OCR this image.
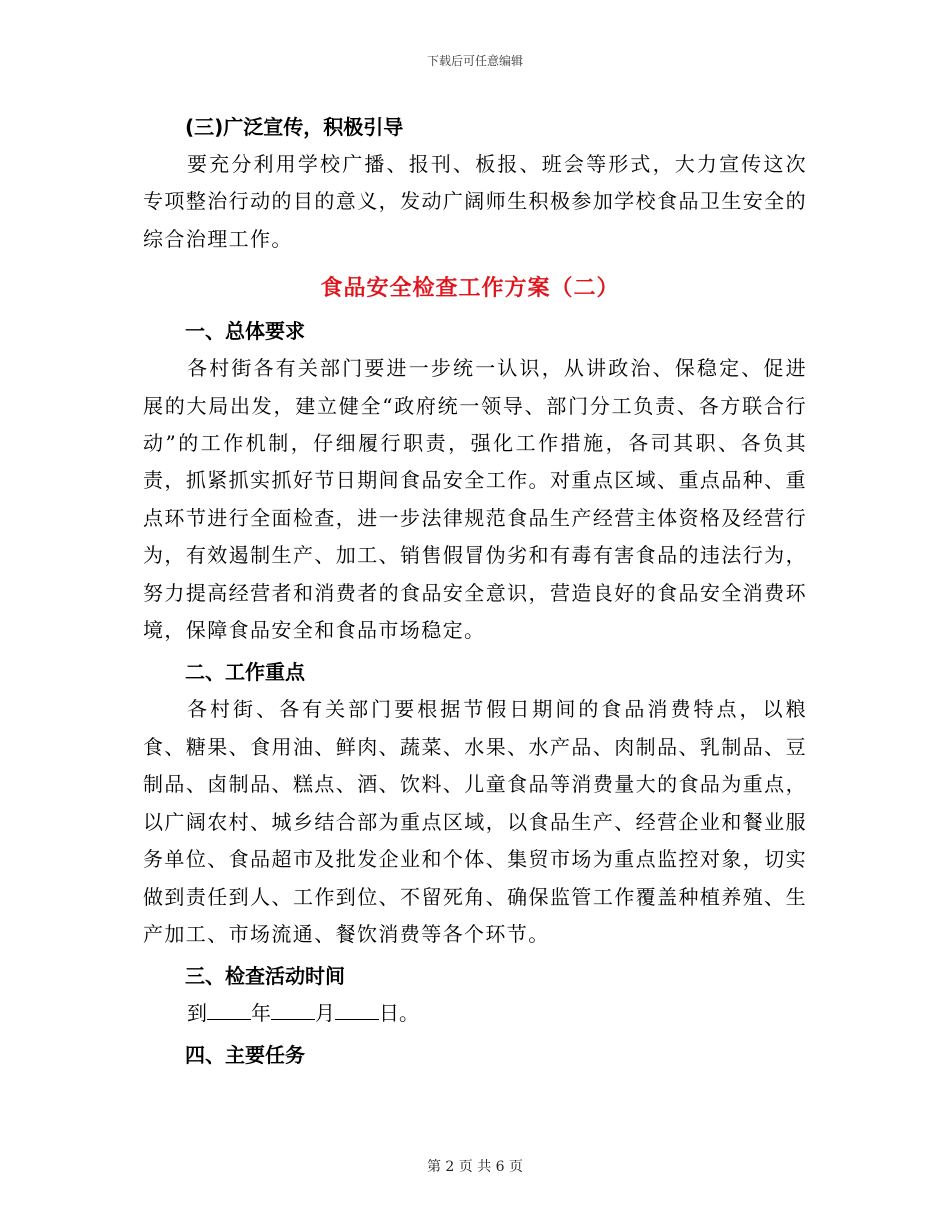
下载后可任意编辑
(三)广泛宣传，积极引导

要充分利用学校广播、报刊、板报、班会等形式，大力宣传这次专项整治行动的目的意义，发动广阔师生积极参加学校食品卫生安全的综合治理工作。

食品安全检查工作方案（二）
一、总体要求

各村街各有关部门要进一步统一认识，从讲政治、保稳定、促进展的大局出发，建立健全“政府统一领导、部门分工负责、各方联合行动”的工作机制，仔细履行职责，强化工作措施，各司其职、各负其责，抓紧抓实抓好节日期间食品安全工作。对重点区域、重点品种、重点环节进行全面检查，进一步法律规范食品生产经营主体资格及经营行为，有效遏制生产、加工、销售假冒伪劣和有毒有害食品的违法行为，努力提高经营者和消费者的食品安全意识，营造良好的食品安全消费环境，保障食品安全和食品市场稳定。

二、工作重点

各村街、各有关部门要根据节假日期间的食品消费特点，以粮食、糖果、食用油、鲜肉、蔬菜、水果、水产品、肉制品、乳制品、豆制品、卤制品、糕点、酒、饮料、儿童食品等消费量大的食品为重点，以广阔农村、城乡结合部为重点区域，以食品生产、经营企业和餐业服务单位、食品超市及批发企业和个体、集贸市场为重点监控对象，切实做到责任到人、工作到位、不留死角、确保监管工作覆盖种植养殖、生产加工、市场流通、餐饮消费等各个环节。

三、检查活动时间
到 年 月 日。
四、主要任务
第 2 页 共 6 页
